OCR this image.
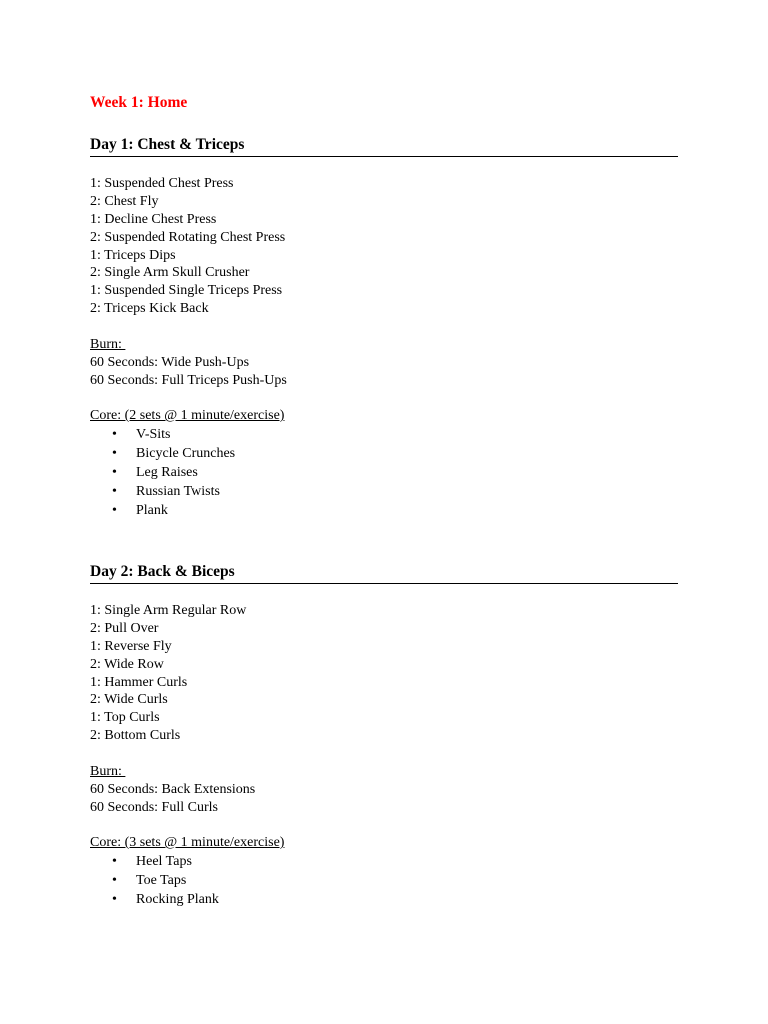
Week 1: Home
Day 1: Chest & Triceps
1: Suspended Chest Press
2: Chest Fly
1: Decline Chest Press
2: Suspended Rotating Chest Press
1: Triceps Dips
2: Single Arm Skull Crusher
1: Suspended Single Triceps Press
2: Triceps Kick Back
Burn:
60 Seconds: Wide Push-Ups
60 Seconds: Full Triceps Push-Ups
Core: (2 sets @ 1 minute/exercise)
• V-Sits
• Bicycle Crunches
• Leg Raises
• Russian Twists
• Plank
Day 2: Back & Biceps
1: Single Arm Regular Row
2: Pull Over
1: Reverse Fly
2: Wide Row
1: Hammer Curls
2: Wide Curls
1: Top Curls
2: Bottom Curls
Burn:
60 Seconds: Back Extensions
60 Seconds: Full Curls
Core: (3 sets @ 1 minute/exercise)
• Heel Taps
• Toe Taps
• Rocking Plank
